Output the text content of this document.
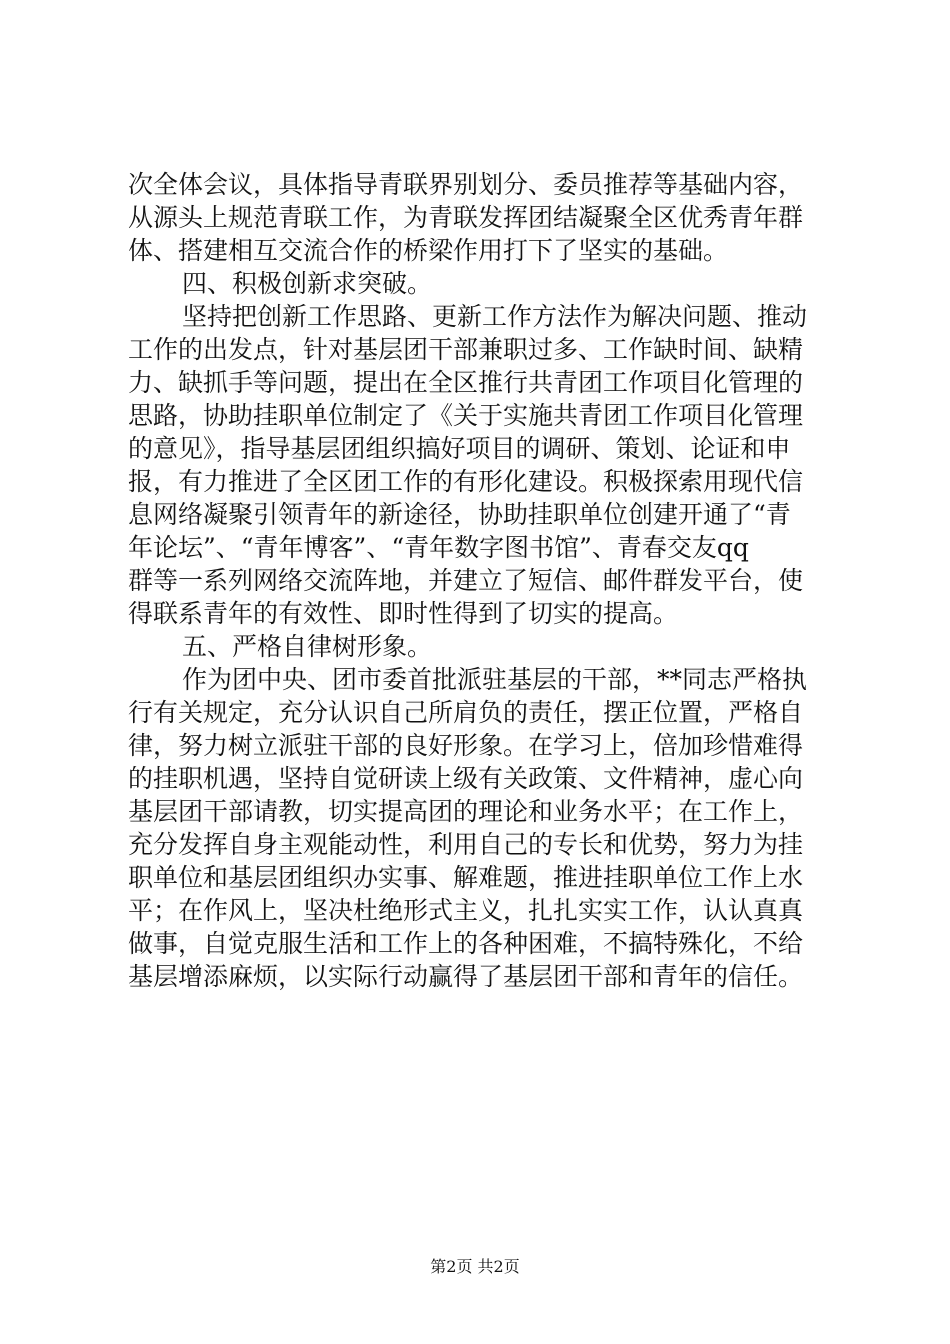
次全体会议，具体指导青联界别划分、委员推荐等基础内容，
从源头上规范青联工作，为青联发挥团结凝聚全区优秀青年群
体、搭建相互交流合作的桥梁作用打下了坚实的基础。
四、积极创新求突破。
坚持把创新工作思路、更新工作方法作为解决问题、推动
工作的出发点，针对基层团干部兼职过多、工作缺时间、缺精
力、缺抓手等问题，提出在全区推行共青团工作项目化管理的
思路，协助挂职单位制定了《关于实施共青团工作项目化管理
的意见》，指导基层团组织搞好项目的调研、策划、论证和申
报，有力推进了全区团工作的有形化建设。积极探索用现代信
息网络凝聚引领青年的新途径，协助挂职单位创建开通了“青
年论坛”、“青年博客”、“青年数字图书馆”、青春交友qq
群等一系列网络交流阵地，并建立了短信、邮件群发平台，使
得联系青年的有效性、即时性得到了切实的提高。
五、严格自律树形象。
作为团中央、团市委首批派驻基层的干部，**同志严格执
行有关规定，充分认识自己所肩负的责任，摆正位置，严格自
律，努力树立派驻干部的良好形象。在学习上，倍加珍惜难得
的挂职机遇，坚持自觉研读上级有关政策、文件精神，虚心向
基层团干部请教，切实提高团的理论和业务水平；在工作上，
充分发挥自身主观能动性，利用自己的专长和优势，努力为挂
职单位和基层团组织办实事、解难题，推进挂职单位工作上水
平；在作风上，坚决杜绝形式主义，扎扎实实工作，认认真真
做事，自觉克服生活和工作上的各种困难，不搞特殊化，不给
基层增添麻烦，以实际行动赢得了基层团干部和青年的信任。
第2页 共2页
